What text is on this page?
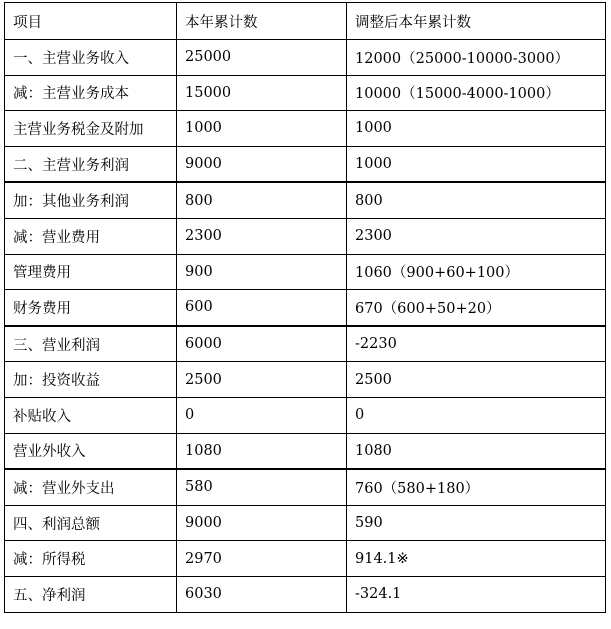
项目	本年累计数	调整后本年累计数
一、主营业务收入	25000	12000（25000-10000-3000）
减：主营业务成本	15000	10000（15000-4000-1000）
主营业务税金及附加	1000	1000
二、主营业务利润	9000	1000
加：其他业务利润	800	800
减：营业费用	2300	2300
管理费用	900	1060（900+60+100）
财务费用	600	670（600+50+20）
三、营业利润	6000	-2230
加：投资收益	2500	2500
补贴收入	0	0
营业外收入	1080	1080
减：营业外支出	580	760（580+180）
四、利润总额	9000	590
减：所得税	2970	914.1※
五、净利润	6030	-324.1
